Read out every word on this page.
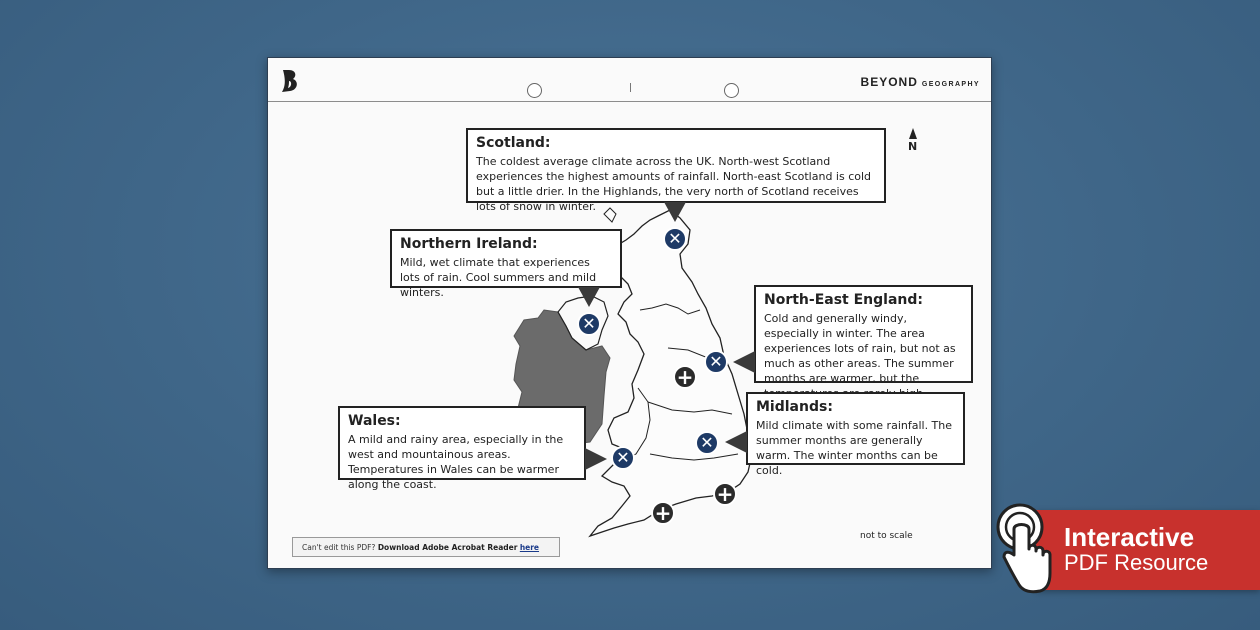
BEYOND GEOGRAPHY
N
Scotland:

The coldest average climate across the UK. North-west Scotland experiences the highest amounts of rainfall. North-east Scotland is cold but a little drier. In the Highlands, the very north of Scotland receives lots of snow in winter.

Northern Ireland:

Mild, wet climate that experiences lots of rain. Cool summers and mild winters.	North-East England:

Cold and generally windy, especially in winter. The area experiences lots of rain, but not as much as other areas. The summer months are warmer, but the

Midlands:

Mild climate with some rainfall. The summer months are generally warm. The winter months can be cold.

Wales:

A mild and rainy area, especially in the west and mountainous areas. Temperatures in Wales can be warmer along the coast.

✕
✕
✕
✕
✕
+
+
+
not to scale
Can't edit this PDF? Download Adobe Acrobat Reader here	Interactive
PDF Resource
